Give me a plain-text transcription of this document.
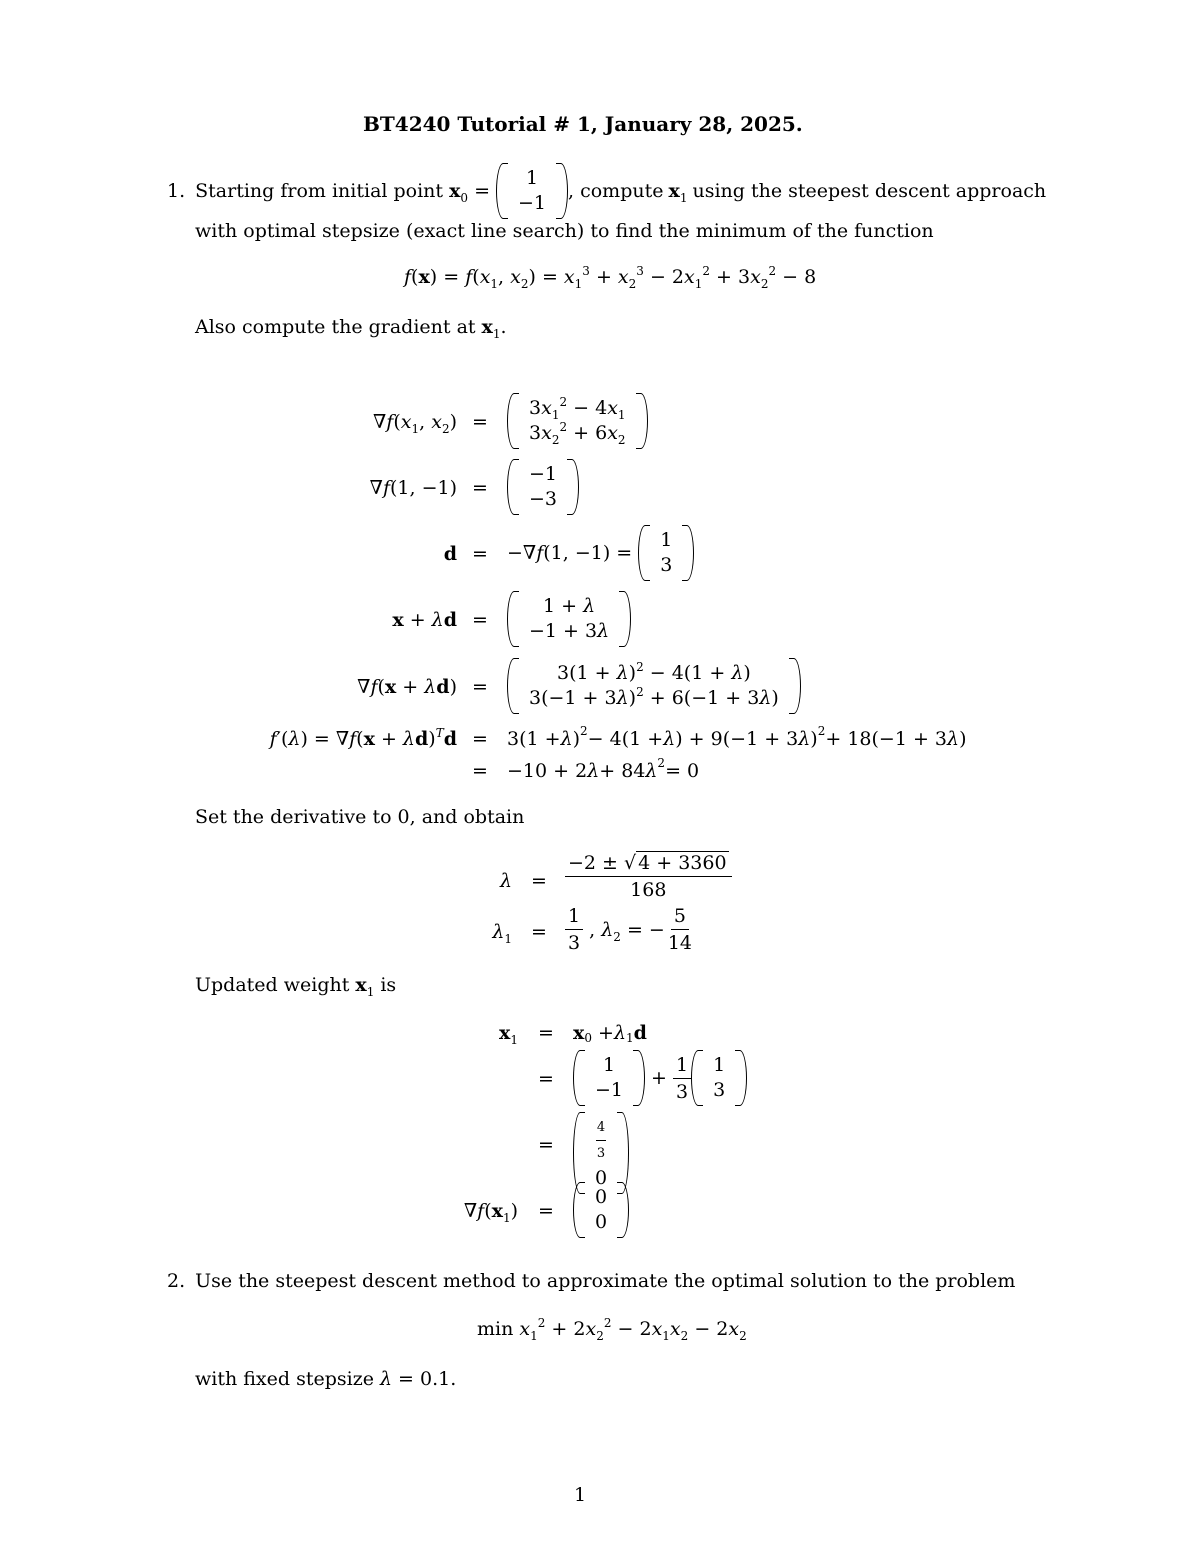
BT4240 Tutorial # 1, January 28, 2025.
1. Starting from initial point $x_0$ =
1
−1
, compute $x_1$ using the steepest descent approach
with optimal stepsize (exact line search) to find the minimum of the function
$f(x) = f(x_1$, $x_2) = x_1^3 + x_2^3 - 2x_1^2 + 3x_2^2 - 8$
Also compute the gradient at $x_1$.
$\nabla f(x_1$, $x_2$) =
$3x_1^2 - 4x_1$
$3x_2^2 + 6x_2$
∇f(1, −1) =
−1
−3
d = −∇f(1, −1) =
1
3
x + λd =
1 + λ
−1 + 3λ
∇f(x + λd) =
$3(1 + \lambda)^2 - 4(1 + \lambda)$
$3(-1 + 3\lambda)^2 + 6(-1 + 3\lambda)$
$f'(\lambda) = \nabla f(x + \lambda d)^Td = 3(1 + \lambda$ )$^2$ − 4(1 + λ ) + 9(−1 + 3 λ )$^2$ + 18(−1 + 3 λ )
= −10 + 2 λ + 84 $\lambda^2 = 0$
Set the derivative to 0, and obtain
$\lambda = \frac{-2 \pm √ 4 + 3360}{168}$
$\lambda_1 = \frac{1}{3}$ , $\lambda_2$ = − $\frac{5}{14}$
Updated weight $x_1$ is
$x_1 = x_0 + \lambda_1$ d
=
1
−1
+ $\frac{1}{3} 1$
3
=	$\frac{4}{3}$
0
$\nabla f(x_1)$ =
0
0
2. Use the steepest descent method to approximate the optimal solution to the problem
$\min x_1^2 + 2x_2^2 - 2x_1x_2 - 2x_2$
with fixed stepsize λ = 0.1.
1
